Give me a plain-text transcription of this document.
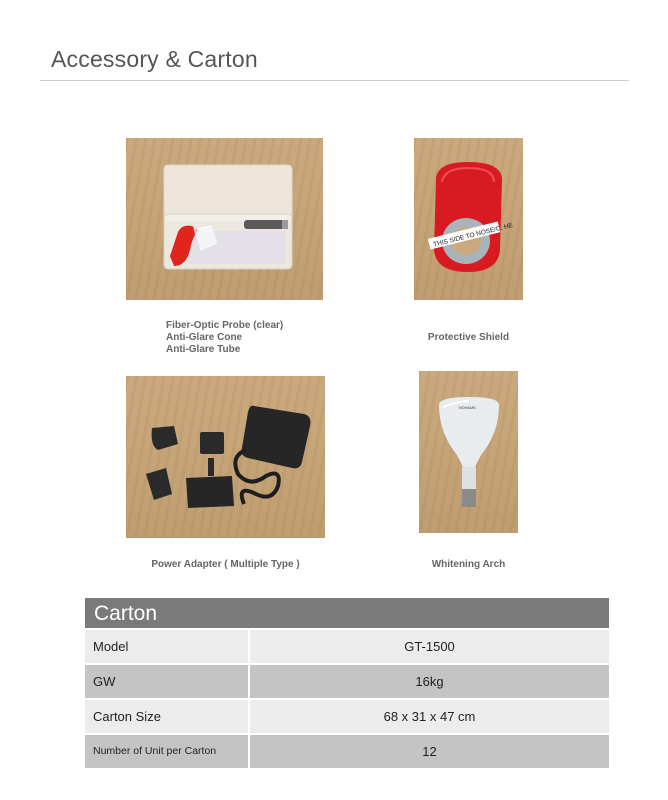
Accessory & Carton
Fiber-Optic Probe (clear)
Anti-Glare Cone
Anti-Glare Tube
THIS SIDE TO NOSE/C. HE
Protective Shield
Power Adapter ( Multiple Type )
NOHAMS
Whitening Arch
Carton
Model	GT-1500
GW	16kg
Carton Size	68 x 31 x 47 cm
Number of Unit per Carton	12
